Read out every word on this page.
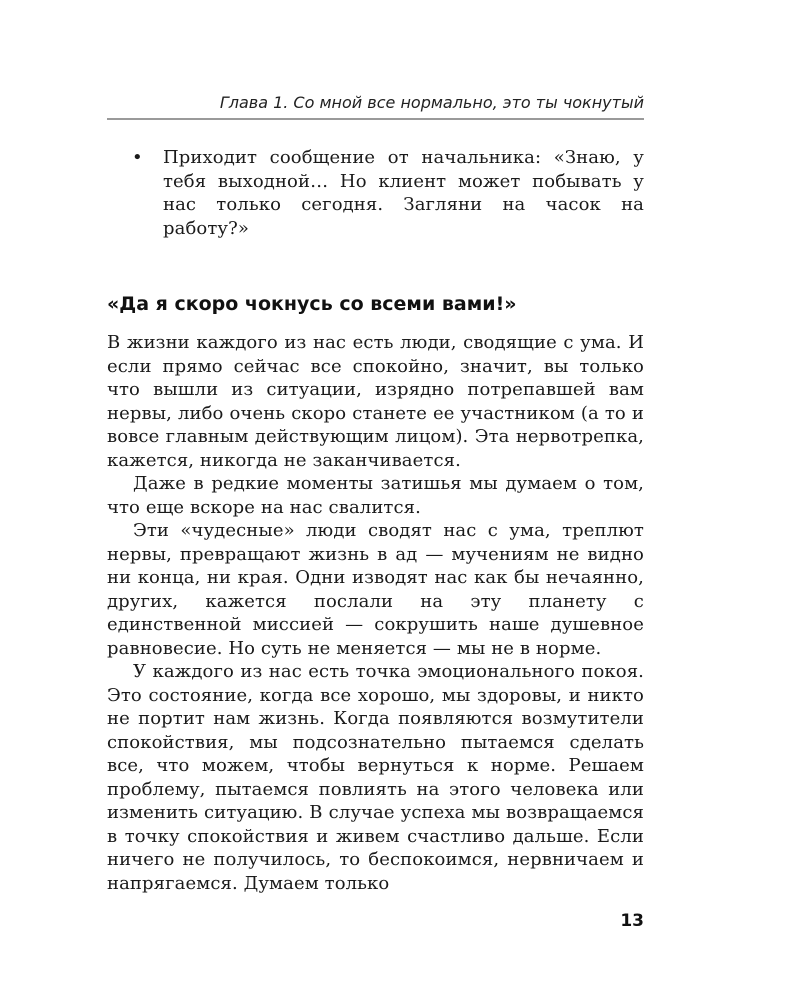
Глава 1. Со мной все нормально, это ты чокнутый
• Приходит сообщение от начальника: «Знаю, у тебя выходной… Но клиент может побывать у нас только сегодня. Загляни на часок на работу?»

«Да я скоро чокнусь со всеми вами!»

В жизни каждого из нас есть люди, сводящие с ума. И если прямо сейчас все спокойно, значит, вы только что вышли из ситуации, изрядно потрепавшей вам нервы, либо очень скоро станете ее участником (а то и вовсе главным действующим лицом). Эта нервотрепка, кажется, никогда не заканчивается.

Даже в редкие моменты затишья мы думаем о том, что еще вскоре на нас свалится.

Эти «чудесные» люди сводят нас с ума, треплют нервы, превращают жизнь в ад — мучениям не видно ни конца, ни края. Одни изводят нас как бы нечаянно, других, кажется послали на эту планету с единственной миссией — сокрушить наше душевное равновесие. Но суть не меняется — мы не в норме.

У каждого из нас есть точка эмоционального покоя. Это состояние, когда все хорошо, мы здоровы, и никто не портит нам жизнь. Когда появляются возмутители спокойствия, мы подсознательно пытаемся сделать все, что можем, чтобы вернуться к норме. Решаем проблему, пытаемся повлиять на этого человека или изменить ситуацию. В случае успеха мы возвращаемся в точку спокойствия и живем счастливо дальше. Если ничего не получилось, то беспокоимся, нервничаем и напрягаемся. Думаем только

13
